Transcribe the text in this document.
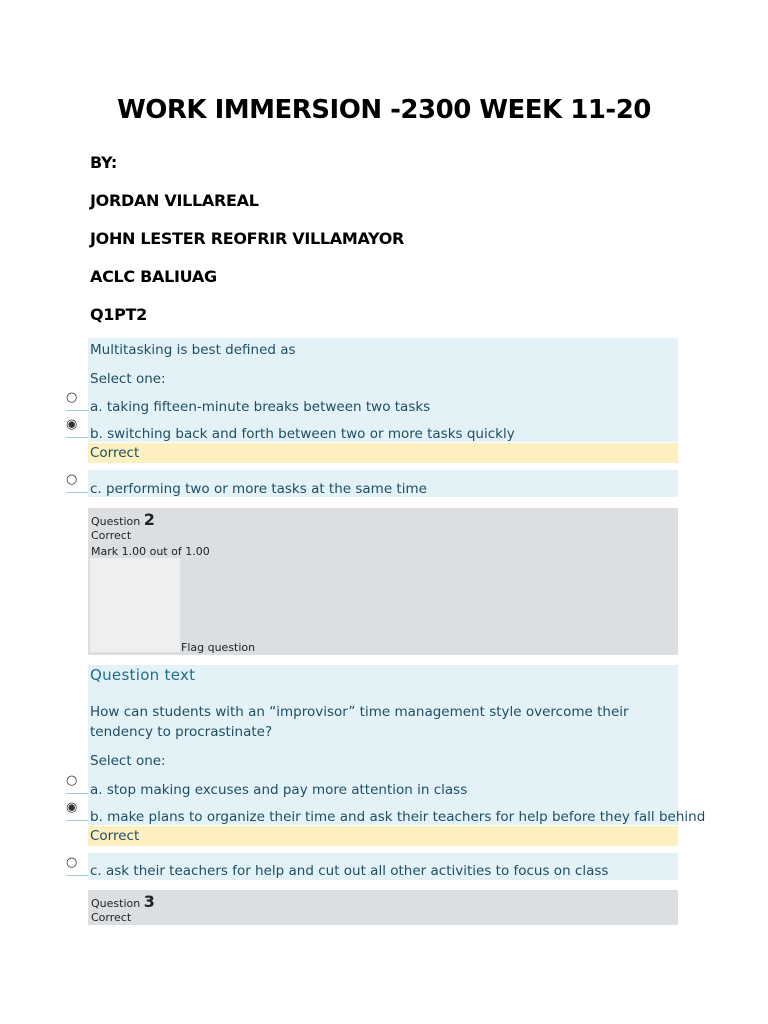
WORK IMMERSION -2300 WEEK 11-20
BY:
JORDAN VILLAREAL
JOHN LESTER REOFRIR VILLAMAYOR
ACLC BALIUAG
Q1PT2
Multitasking is best defined as
Select one:
○
a. taking fifteen-minute breaks between two tasks
◉
b. switching back and forth between two or more tasks quickly
Correct
○
c. performing two or more tasks at the same time
Question 2
Correct
Mark 1.00 out of 1.00
Flag question
Question text
How can students with an “improvisor” time management style overcome their tendency to procrastinate?
Select one:
○
a. stop making excuses and pay more attention in class
◉
b. make plans to organize their time and ask their teachers for help before they fall behind
Correct
○
c. ask their teachers for help and cut out all other activities to focus on class
Question 3
Correct
